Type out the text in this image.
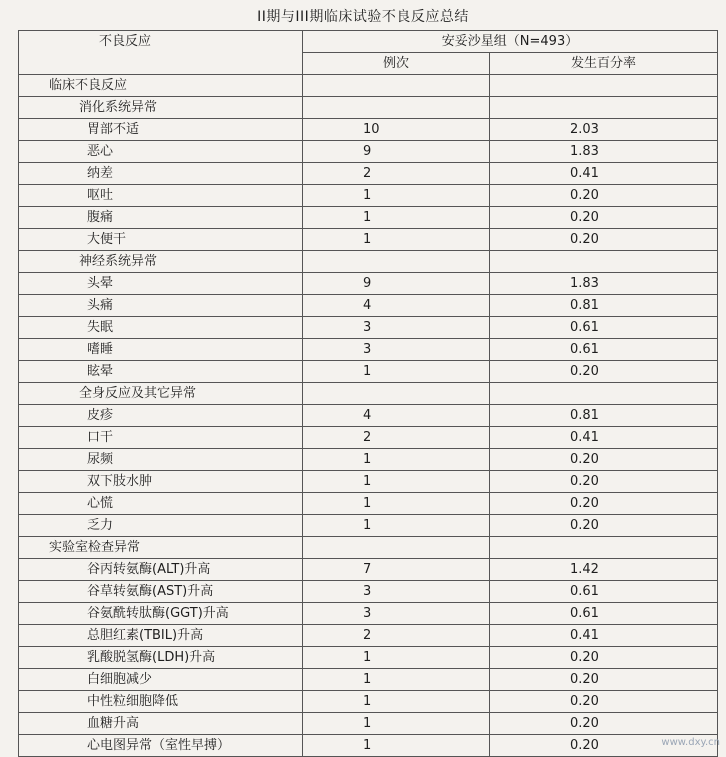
II期与III期临床试验不良反应总结
不良反应	安妥沙星组（N=493）	
	例次	发生百分率
临床不良反应		
消化系统异常		
胃部不适	10	2.03
恶心	9	1.83
纳差	2	0.41
呕吐	1	0.20
腹痛	1	0.20
大便干	1	0.20
神经系统异常		
头晕	9	1.83
头痛	4	0.81
失眠	3	0.61
嗜睡	3	0.61
眩晕	1	0.20
全身反应及其它异常		
皮疹	4	0.81
口干	2	0.41
尿频	1	0.20
双下肢水肿	1	0.20
心慌	1	0.20
乏力	1	0.20
实验室检查异常		
谷丙转氨酶(ALT)升高	7	1.42
谷草转氨酶(AST)升高	3	0.61
谷氨酰转肽酶(GGT)升高	3	0.61
总胆红素(TBIL)升高	2	0.41
乳酸脱氢酶(LDH)升高	1	0.20
白细胞减少	1	0.20
中性粒细胞降低	1	0.20
血糖升高	1	0.20
心电图异常（室性早搏）	1	0.20	www.dxy.cn
